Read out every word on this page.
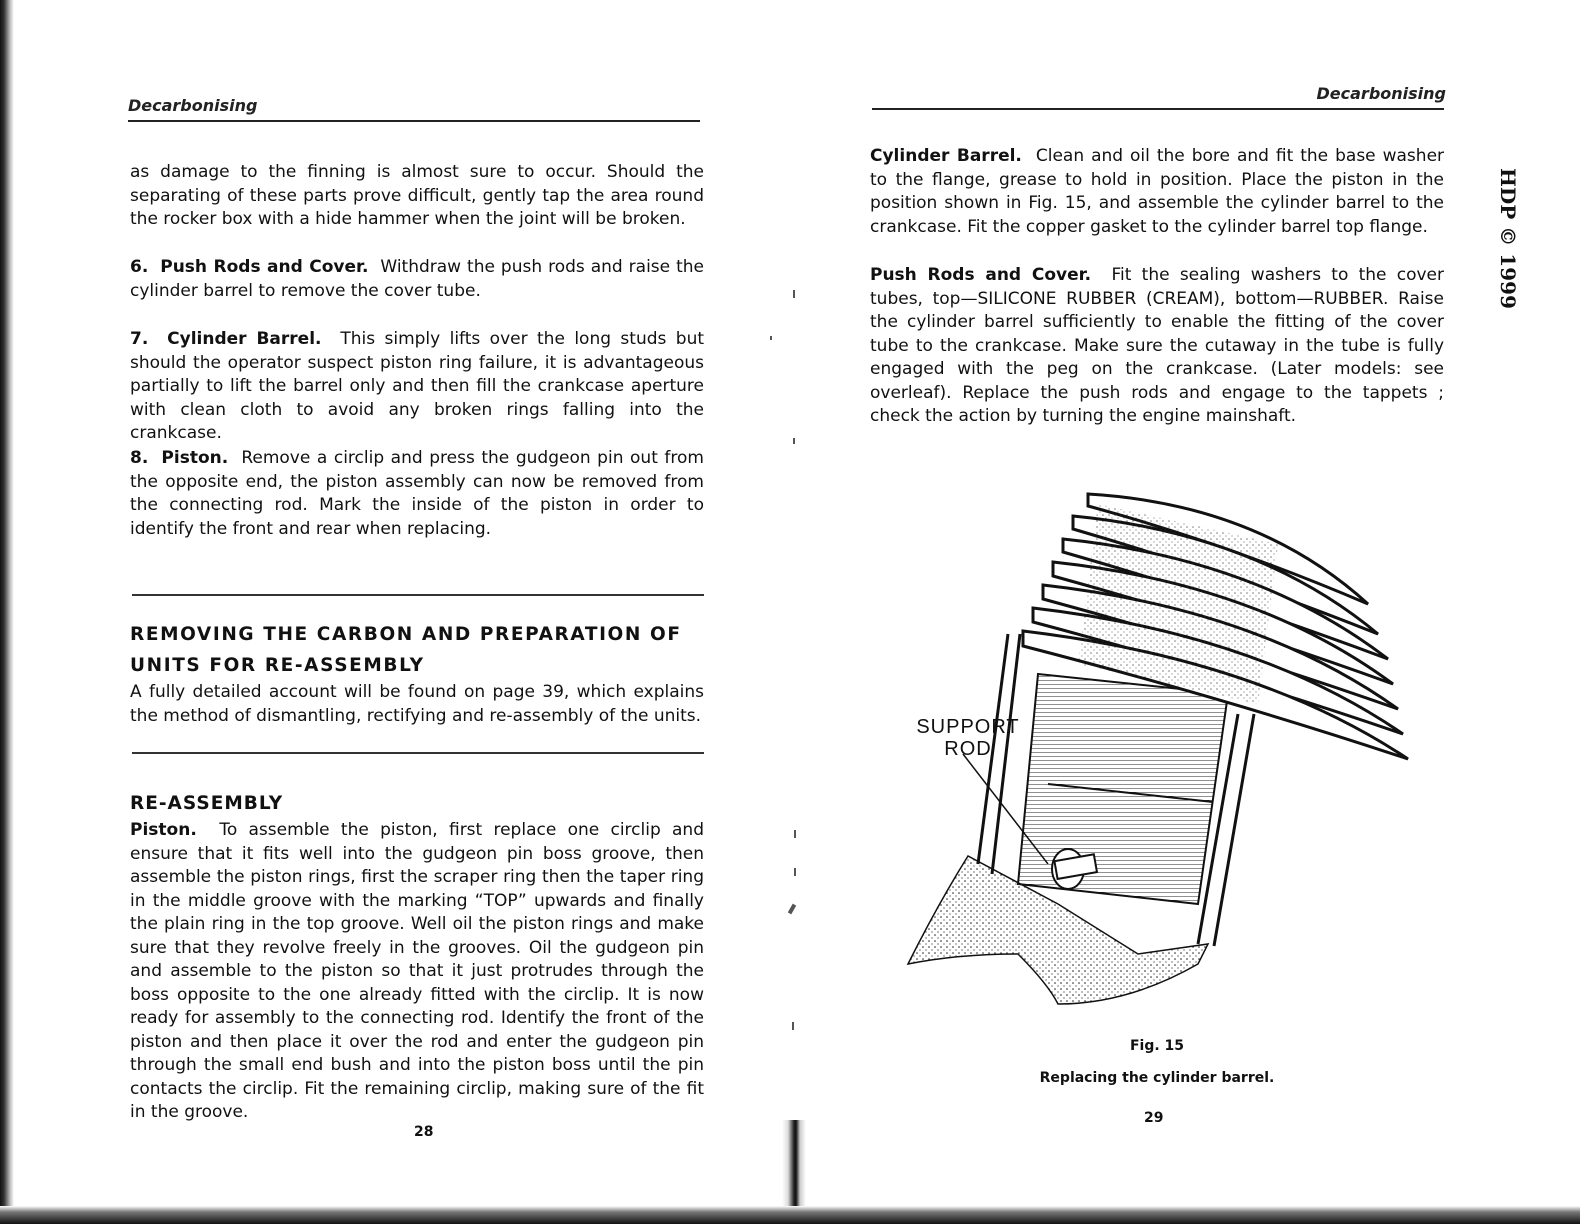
Decarbonising

as damage to the finning is almost sure to occur. Should the separating of these parts prove difficult, gently tap the area round the rocker box with a hide hammer when the joint will be broken.

6. Push Rods and Cover. Withdraw the push rods and raise the cylinder barrel to remove the cover tube.

7. Cylinder Barrel. This simply lifts over the long studs but should the operator suspect piston ring failure, it is advantageous partially to lift the barrel only and then fill the crankcase aperture with clean cloth to avoid any broken rings falling into the crankcase.

8. Piston. Remove a circlip and press the gudgeon pin out from the opposite end, the piston assembly can now be removed from the connecting rod. Mark the inside of the piston in order to identify the front and rear when replacing.

REMOVING THE CARBON AND PREPARATION OF
UNITS FOR RE-ASSEMBLY

A fully detailed account will be found on page 39, which explains the method of dismantling, rectifying and re-assembly of the units.

RE-ASSEMBLY

Piston. To assemble the piston, first replace one circlip and ensure that it fits well into the gudgeon pin boss groove, then assemble the piston rings, first the scraper ring then the taper ring in the middle groove with the marking “TOP” upwards and finally the plain ring in the top groove. Well oil the piston rings and make sure that they revolve freely in the grooves. Oil the gudgeon pin and assemble to the piston so that it just protrudes through the boss opposite to the one already fitted with the circlip. It is now ready for assembly to the connecting rod. Identify the front of the piston and then place it over the rod and enter the gudgeon pin through the small end bush and into the piston boss until the pin contacts the circlip. Fit the remaining circlip, making sure of the fit in the groove.

28
Decarbonising

Cylinder Barrel. Clean and oil the bore and fit the base washer to the flange, grease to hold in position. Place the piston in the position shown in Fig. 15, and assemble the cylinder barrel to the crankcase. Fit the copper gasket to the cylinder barrel top flange.

Push Rods and Cover. Fit the sealing washers to the cover tubes, top—SILICONE RUBBER (CREAM), bottom—RUBBER. Raise the cylinder barrel sufficiently to enable the fitting of the cover tube to the crankcase. Make sure the cutaway in the tube is fully engaged with the peg on the crankcase. (Later models: see overleaf). Replace the push rods and engage to the tappets ; check the action by turning the engine mainshaft.

SUPPORT
ROD
Fig. 15
Replacing the cylinder barrel.
29
HDP © 1999
